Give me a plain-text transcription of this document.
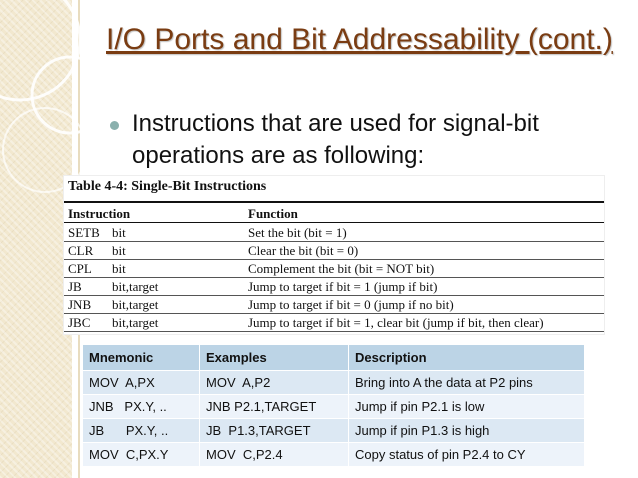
I/O Ports and Bit Addressability (cont.)
Instructions that are used for signal-bit operations are as following:
Table 4-4: Single-Bit Instructions
Instruction	Function
SETB bit	Set the bit (bit = 1)
CLR bit	Clear the bit (bit = 0)
CPL bit	Complement the bit (bit = NOT bit)
JB bit,target	Jump to target if bit = 1 (jump if bit)
JNB bit,target	Jump to target if bit = 0 (jump if no bit)
JBC bit,target	Jump to target if bit = 1, clear bit (jump if bit, then clear)
Mnemonic	Examples	Description
MOV  A,PX	MOV  A,P2	Bring into A the data at P2 pins
JNB   PX.Y, ..	JNB P2.1,TARGET	Jump if pin P2.1 is low
JB      PX.Y, ..	JB  P1.3,TARGET	Jump if pin P1.3 is high
MOV  C,PX.Y	MOV  C,P2.4	Copy status of pin P2.4 to CY
